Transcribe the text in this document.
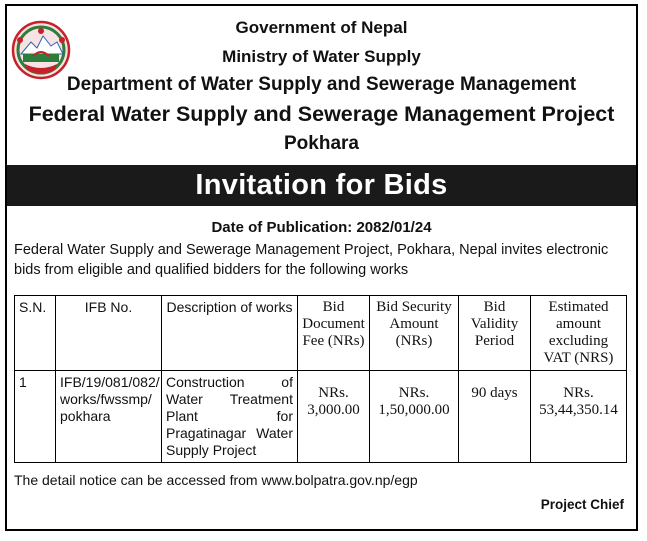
Government of Nepal
Ministry of Water Supply
Department of Water Supply and Sewerage Management
Federal Water Supply and Sewerage Management Project
Pokhara
Invitation for Bids
Date of Publication: 2082/01/24
Federal Water Supply and Sewerage Management Project, Pokhara, Nepal invites electronic bids from eligible and qualified bidders for the following works
S.N.	IFB No.	Description of works	Bid Document Fee (NRs)	Bid Security Amount (NRs)	Bid Validity Period	Estimated amount excluding VAT (NRS)
1	IFB/19/081/082/ works/fwssmp/ pokhara	Construction of Water Treatment Plant for Pragatinagar Water Supply Project	NRs. 3,000.00	NRs. 1,50,000.00	90 days	NRs. 53,44,350.14
The detail notice can be accessed from www.bolpatra.gov.np/egp
Project Chief
